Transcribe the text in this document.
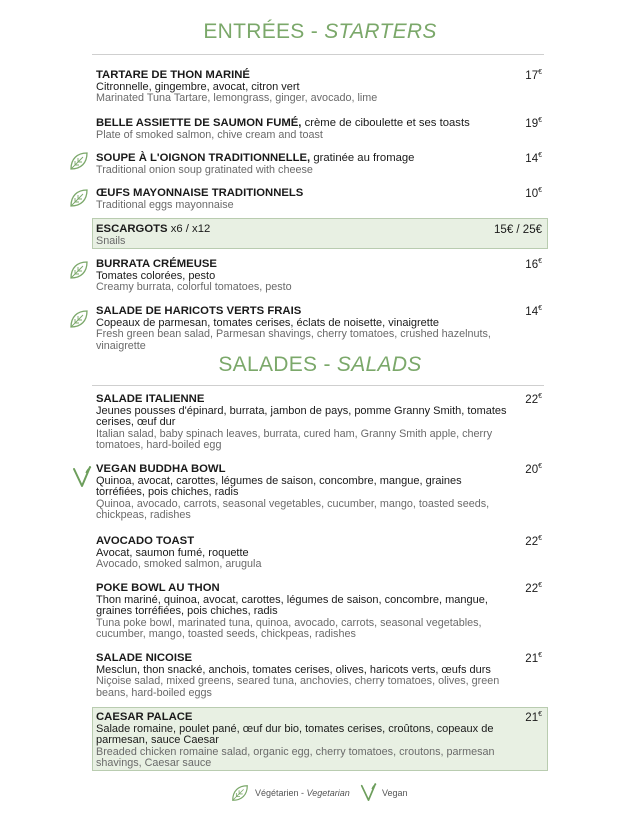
ENTRÉES - STARTERS
TARTARE DE THON MARINÉ
Citronnelle, gingembre, avocat, citron vert
Marinated Tuna Tartare, lemongrass, ginger, avocado, lime
17€
BELLE ASSIETTE DE SAUMON FUMÉ, crème de ciboulette et ses toasts
Plate of smoked salmon, chive cream and toast
19€
SOUPE À L'OIGNON TRADITIONNELLE, gratinée au fromage
Traditional onion soup gratinated with cheese
14€
ŒUFS MAYONNAISE TRADITIONNELS
Traditional eggs mayonnaise
10€
ESCARGOTS x6 / x12
Snails
15€ / 25€
BURRATA CRÉMEUSE
Tomates colorées, pesto
Creamy burrata, colorful tomatoes, pesto
16€
SALADE DE HARICOTS VERTS FRAIS
Copeaux de parmesan, tomates cerises, éclats de noisette, vinaigrette
Fresh green bean salad, Parmesan shavings, cherry tomatoes, crushed hazelnuts, vinaigrette
14€
SALADES - SALADS
SALADE ITALIENNE
Jeunes pousses d'épinard, burrata, jambon de pays, pomme Granny Smith, tomates cerises, œuf dur
Italian salad, baby spinach leaves, burrata, cured ham, Granny Smith apple, cherry tomatoes, hard-boiled egg
22€
VEGAN BUDDHA BOWL
Quinoa, avocat, carottes, légumes de saison, concombre, mangue, graines torréfiées, pois chiches, radis
Quinoa, avocado, carrots, seasonal vegetables, cucumber, mango, toasted seeds, chickpeas, radishes
20€
AVOCADO TOAST
Avocat, saumon fumé, roquette
Avocado, smoked salmon, arugula
22€
POKE BOWL AU THON
Thon mariné, quinoa, avocat, carottes, légumes de saison, concombre, mangue, graines torréfiées, pois chiches, radis
Tuna poke bowl, marinated tuna, quinoa, avocado, carrots, seasonal vegetables, cucumber, mango, toasted seeds, chickpeas, radishes
22€
SALADE NICOISE
Mesclun, thon snacké, anchois, tomates cerises, olives, haricots verts, œufs durs
Niçoise salad, mixed greens, seared tuna, anchovies, cherry tomatoes, olives, green beans, hard-boiled eggs
21€
CAESAR PALACE
Salade romaine, poulet pané, œuf dur bio, tomates cerises, croûtons, copeaux de parmesan, sauce Caesar
Breaded chicken romaine salad, organic egg, cherry tomatoes, croutons, parmesan shavings, Caesar sauce
21€
Végétarien - Vegetarian	Vegan
